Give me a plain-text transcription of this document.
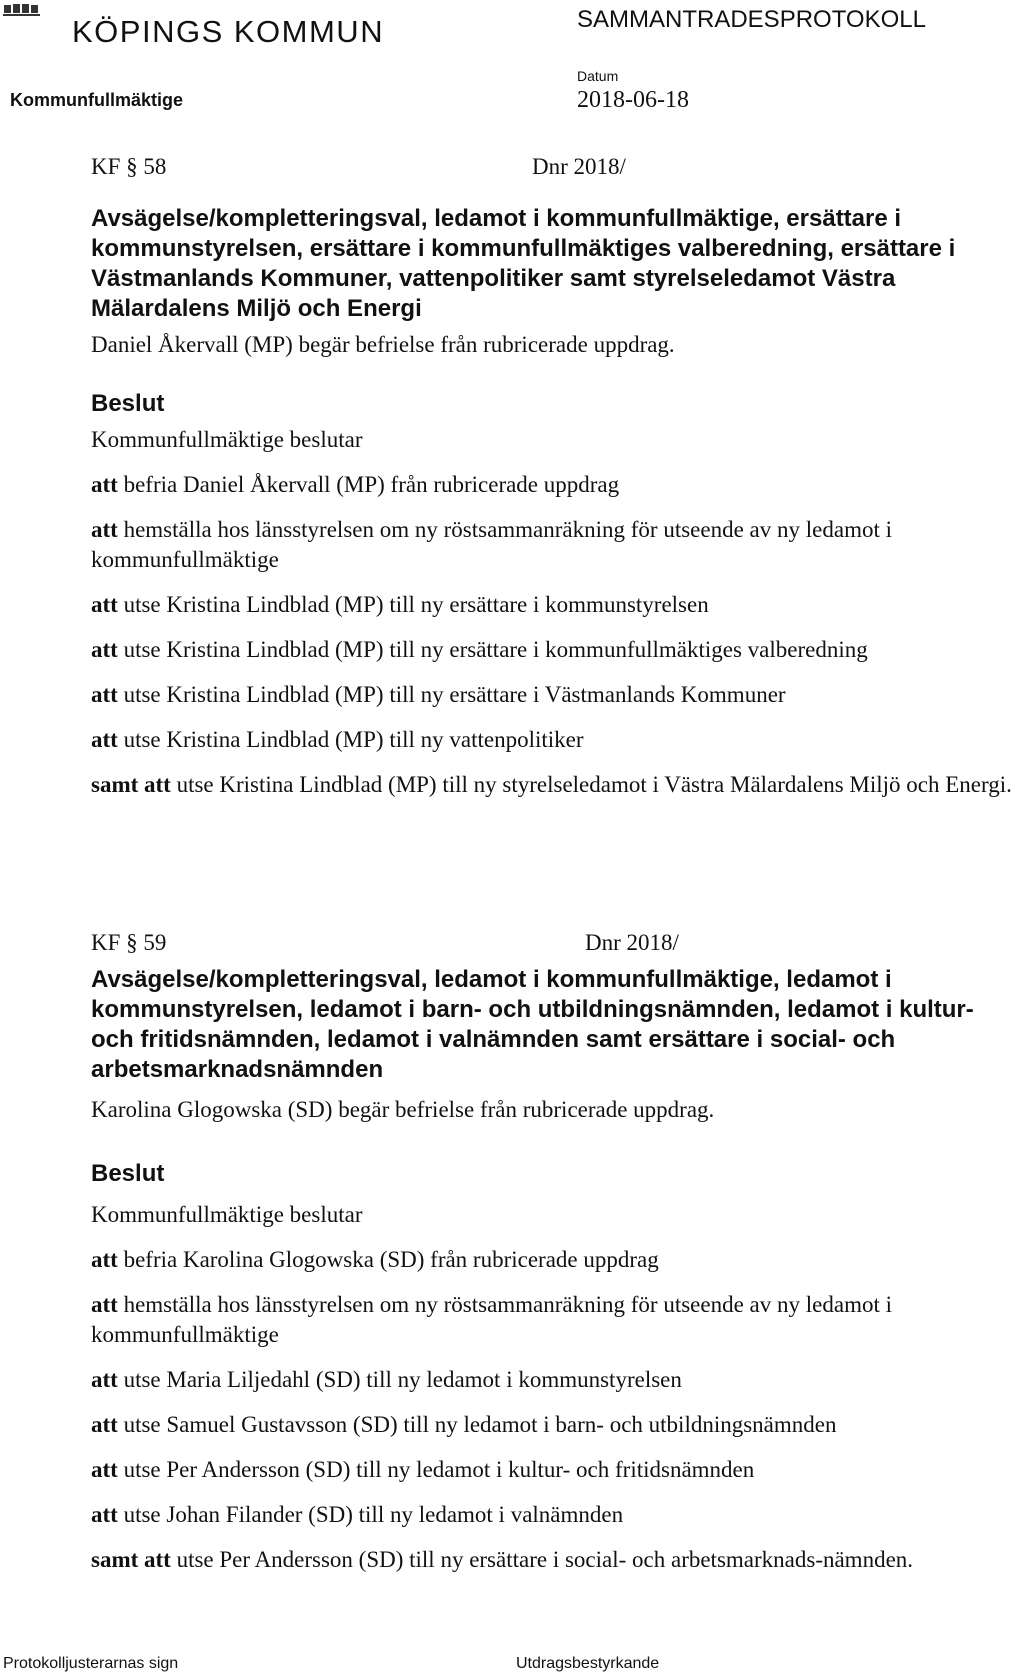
KÖPINGS KOMMUN	SAMMANTRADESPROTOKOLL
Kommunfullmäktige
Datum
2018-06-18
KF § 58	Dnr 2018/
Avsägelse/kompletteringsval, ledamot i kommunfullmäktige, ersättare i kommunstyrelsen, ersättare i kommunfullmäktiges valberedning, ersättare i Västmanlands Kommuner, vattenpolitiker samt styrelseledamot Västra Mälardalens Miljö och Energi
Daniel Åkervall (MP) begär befrielse från rubricerade uppdrag.
Beslut
Kommunfullmäktige beslutar

att befria Daniel Åkervall (MP) från rubricerade uppdrag

att hemställa hos länsstyrelsen om ny röstsammanräkning för utseende av ny ledamot i kommunfullmäktige

att utse Kristina Lindblad (MP) till ny ersättare i kommunstyrelsen

att utse Kristina Lindblad (MP) till ny ersättare i kommunfullmäktiges valberedning

att utse Kristina Lindblad (MP) till ny ersättare i Västmanlands Kommuner

att utse Kristina Lindblad (MP) till ny vattenpolitiker

samt att utse Kristina Lindblad (MP) till ny styrelseledamot i Västra Mälardalens Miljö och Energi.

KF § 59	Dnr 2018/
Avsägelse/kompletteringsval, ledamot i kommunfullmäktige, ledamot i kommunstyrelsen, ledamot i barn- och utbildningsnämnden, ledamot i kultur- och fritidsnämnden, ledamot i valnämnden samt ersättare i social- och arbetsmarknadsnämnden
Karolina Glogowska (SD) begär befrielse från rubricerade uppdrag.
Beslut
Kommunfullmäktige beslutar

att befria Karolina Glogowska (SD) från rubricerade uppdrag

att hemställa hos länsstyrelsen om ny röstsammanräkning för utseende av ny ledamot i kommunfullmäktige

att utse Maria Liljedahl (SD) till ny ledamot i kommunstyrelsen

att utse Samuel Gustavsson (SD) till ny ledamot i barn- och utbildningsnämnden

att utse Per Andersson (SD) till ny ledamot i kultur- och fritidsnämnden

att utse Johan Filander (SD) till ny ledamot i valnämnden

samt att utse Per Andersson (SD) till ny ersättare i social- och arbetsmarknads-nämnden.

Protokolljusterarnas sign	Utdragsbestyrkande
